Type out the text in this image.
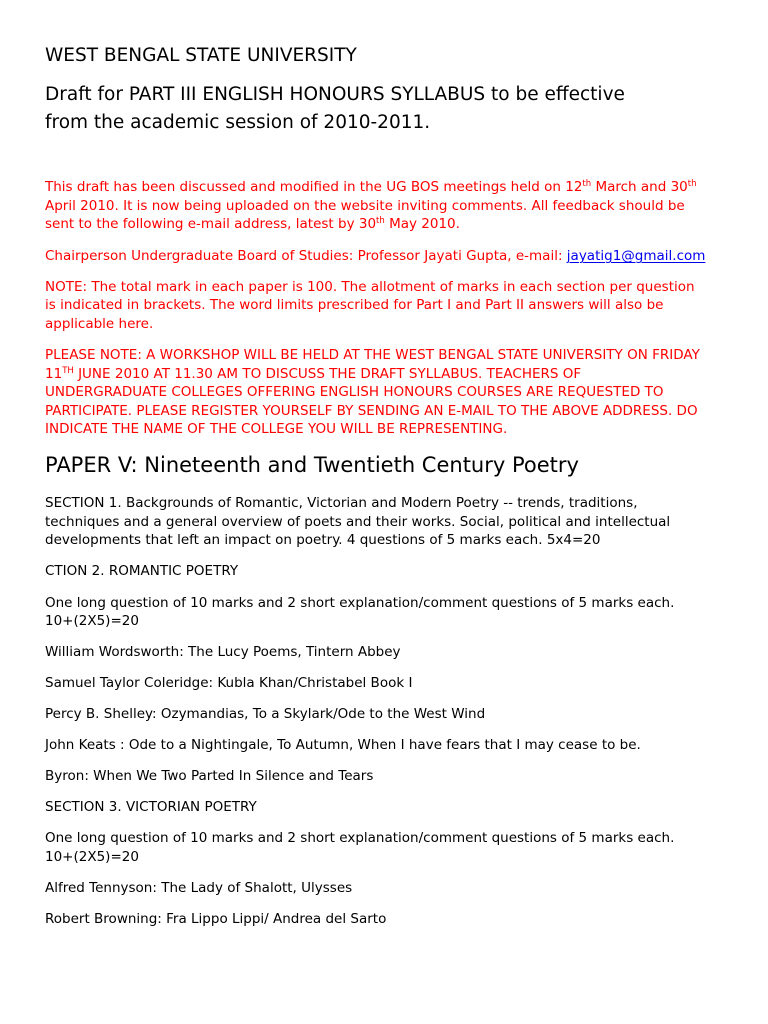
WEST BENGAL STATE UNIVERSITY

Draft for PART III ENGLISH HONOURS SYLLABUS to be effective

from the academic session of 2010-2011.

This draft has been discussed and modified in the UG BOS meetings held on 12th March and 30th

April 2010. It is now being uploaded on the website inviting comments. All feedback should be

sent to the following e-mail address, latest by 30th May 2010.

Chairperson Undergraduate Board of Studies: Professor Jayati Gupta, e-mail: jayatig1@gmail.com

NOTE: The total mark in each paper is 100. The allotment of marks in each section per question

is indicated in brackets. The word limits prescribed for Part I and Part II answers will also be

applicable here.

PLEASE NOTE: A WORKSHOP WILL BE HELD AT THE WEST BENGAL STATE UNIVERSITY ON FRIDAY

11TH JUNE 2010 AT 11.30 AM TO DISCUSS THE DRAFT SYLLABUS. TEACHERS OF

UNDERGRADUATE COLLEGES OFFERING ENGLISH HONOURS COURSES ARE REQUESTED TO

PARTICIPATE. PLEASE REGISTER YOURSELF BY SENDING AN E-MAIL TO THE ABOVE ADDRESS. DO

INDICATE THE NAME OF THE COLLEGE YOU WILL BE REPRESENTING.

PAPER V: Nineteenth and Twentieth Century Poetry

SECTION 1. Backgrounds of Romantic, Victorian and Modern Poetry -- trends, traditions,

techniques and a general overview of poets and their works. Social, political and intellectual

developments that left an impact on poetry. 4 questions of 5 marks each. 5x4=20

CTION 2. ROMANTIC POETRY

One long question of 10 marks and 2 short explanation/comment questions of 5 marks each.

10+(2X5)=20

William Wordsworth: The Lucy Poems, Tintern Abbey

Samuel Taylor Coleridge: Kubla Khan/Christabel Book I

Percy B. Shelley: Ozymandias, To a Skylark/Ode to the West Wind

John Keats : Ode to a Nightingale, To Autumn, When I have fears that I may cease to be.

Byron: When We Two Parted In Silence and Tears

SECTION 3. VICTORIAN POETRY

One long question of 10 marks and 2 short explanation/comment questions of 5 marks each.

10+(2X5)=20

Alfred Tennyson: The Lady of Shalott, Ulysses

Robert Browning: Fra Lippo Lippi/ Andrea del Sarto
